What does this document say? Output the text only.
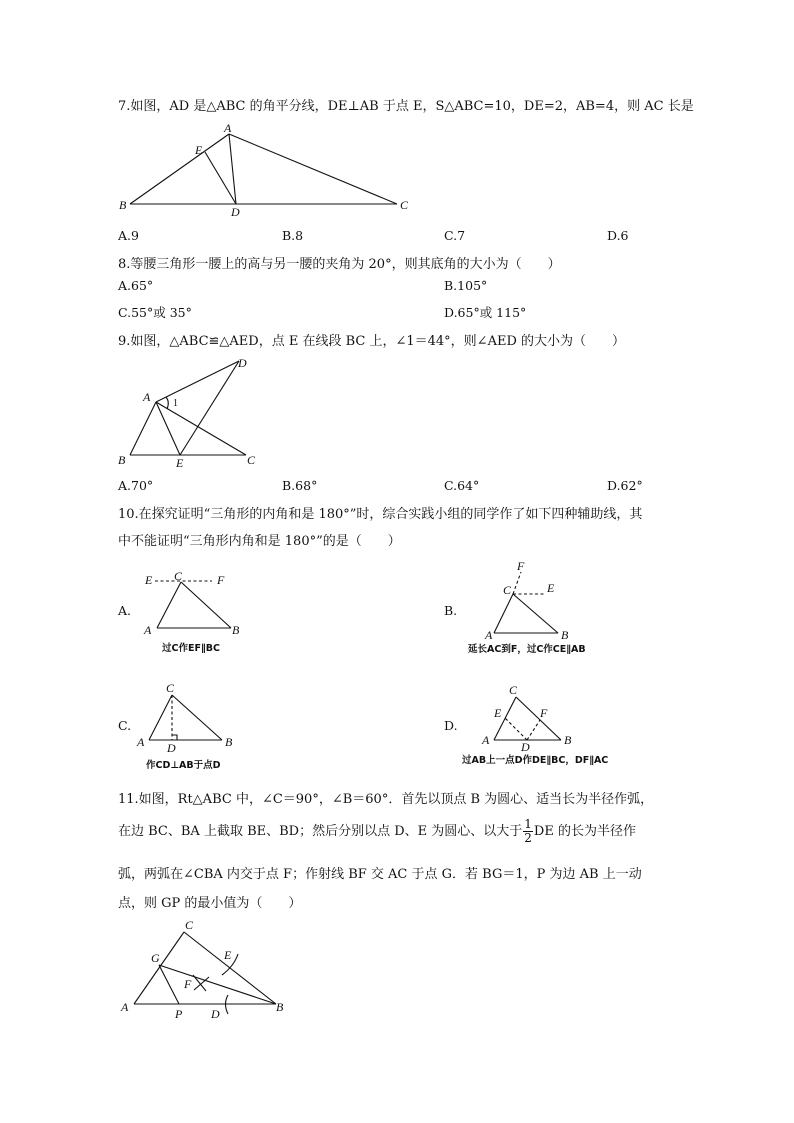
7.如图，AD 是△ABC 的角平分线，DE⊥AB 于点 E，S△ABC=10，DE=2，AB=4，则 AC 长是
A
B	C
D
E
A.9	B.8	C.7	D.6
8.等腰三角形一腰上的高与另一腰的夹角为 20°，则其底角的大小为（　　）
A.65°	B.105°
C.55°或 35°	D.65°或 115°
9.如图，△ABC≌△AED，点 E 在线段 BC 上，∠1＝44°，则∠AED 的大小为（　　）
A
B	C
D
E
1
A.70°	B.68°	C.64°	D.62°
10.在探究证明“三角形的内角和是 180°”时，综合实践小组的同学作了如下四种辅助线，其
中不能证明“三角形内角和是 180°”的是（　　）
A.
E C	F
A	B
过C作EF∥BC
B.
F
C	E
A	B
延长AC到F，过C作CE∥AB
C.
C
A D	B
作CD⊥AB于点D
D.
C
E	F
A	D	B
过AB上一点D作DE∥BC，DF∥AC
11.如图，Rt△ABC 中，∠C＝90°，∠B＝60°．首先以顶点 B 为圆心、适当长为半径作弧，
在边 BC、BA 上截取 BE、BD；然后分别以点 D、E 为圆心、以大于 $\frac{1}{2}$ DE 的长为半径作
弧，两弧在∠CBA 内交于点 F；作射线 BF 交 AC 于点 G．若 BG＝1，P 为边 AB 上一动
点，则 GP 的最小值为（　　）
C
G	E
F
A	P D	B
